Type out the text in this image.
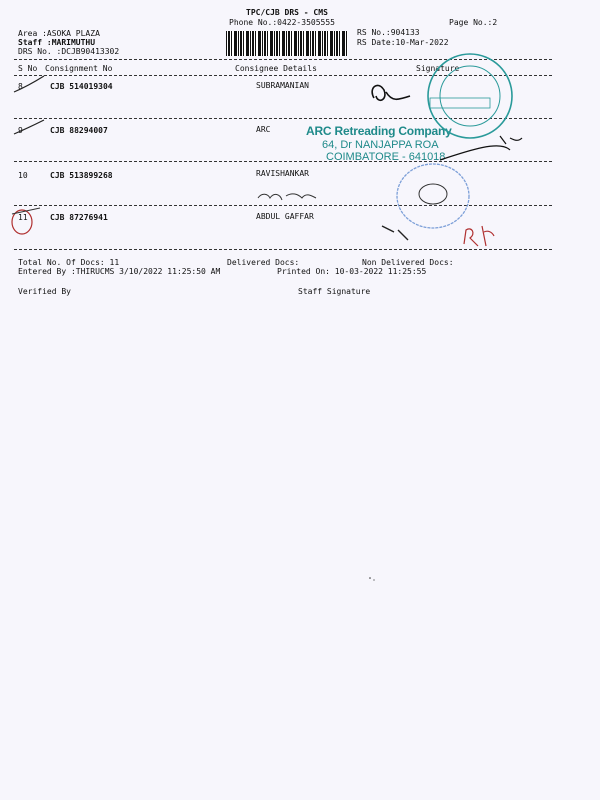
TPC/CJB DRS - CMS
Phone No.:0422-3505555
Area :ASOKA PLAZA
Staff :MARIMUTHU
DRS No. :DCJB90413302
RS No.:904133
RS Date:10-Mar-2022
Page No.:2
S No Consignment No	Consignee Details	Signature
8	CJB 514019304	SUBRAMANIAN
9	CJB 88294007	ARC
10	CJB 513899268	RAVISHANKAR
11	CJB 87276941	ABDUL GAFFAR
ARC Retreading Company
64, Dr NANJAPPA ROA
COIMBATORE - 641018
Total No. Of Docs: 11	Delivered Docs:	Non Delivered Docs:
Entered By :THIRUCMS 3/10/2022 11:25:50 AM	Printed On: 10-03-2022 11:25:55
Verified By	Staff Signature
